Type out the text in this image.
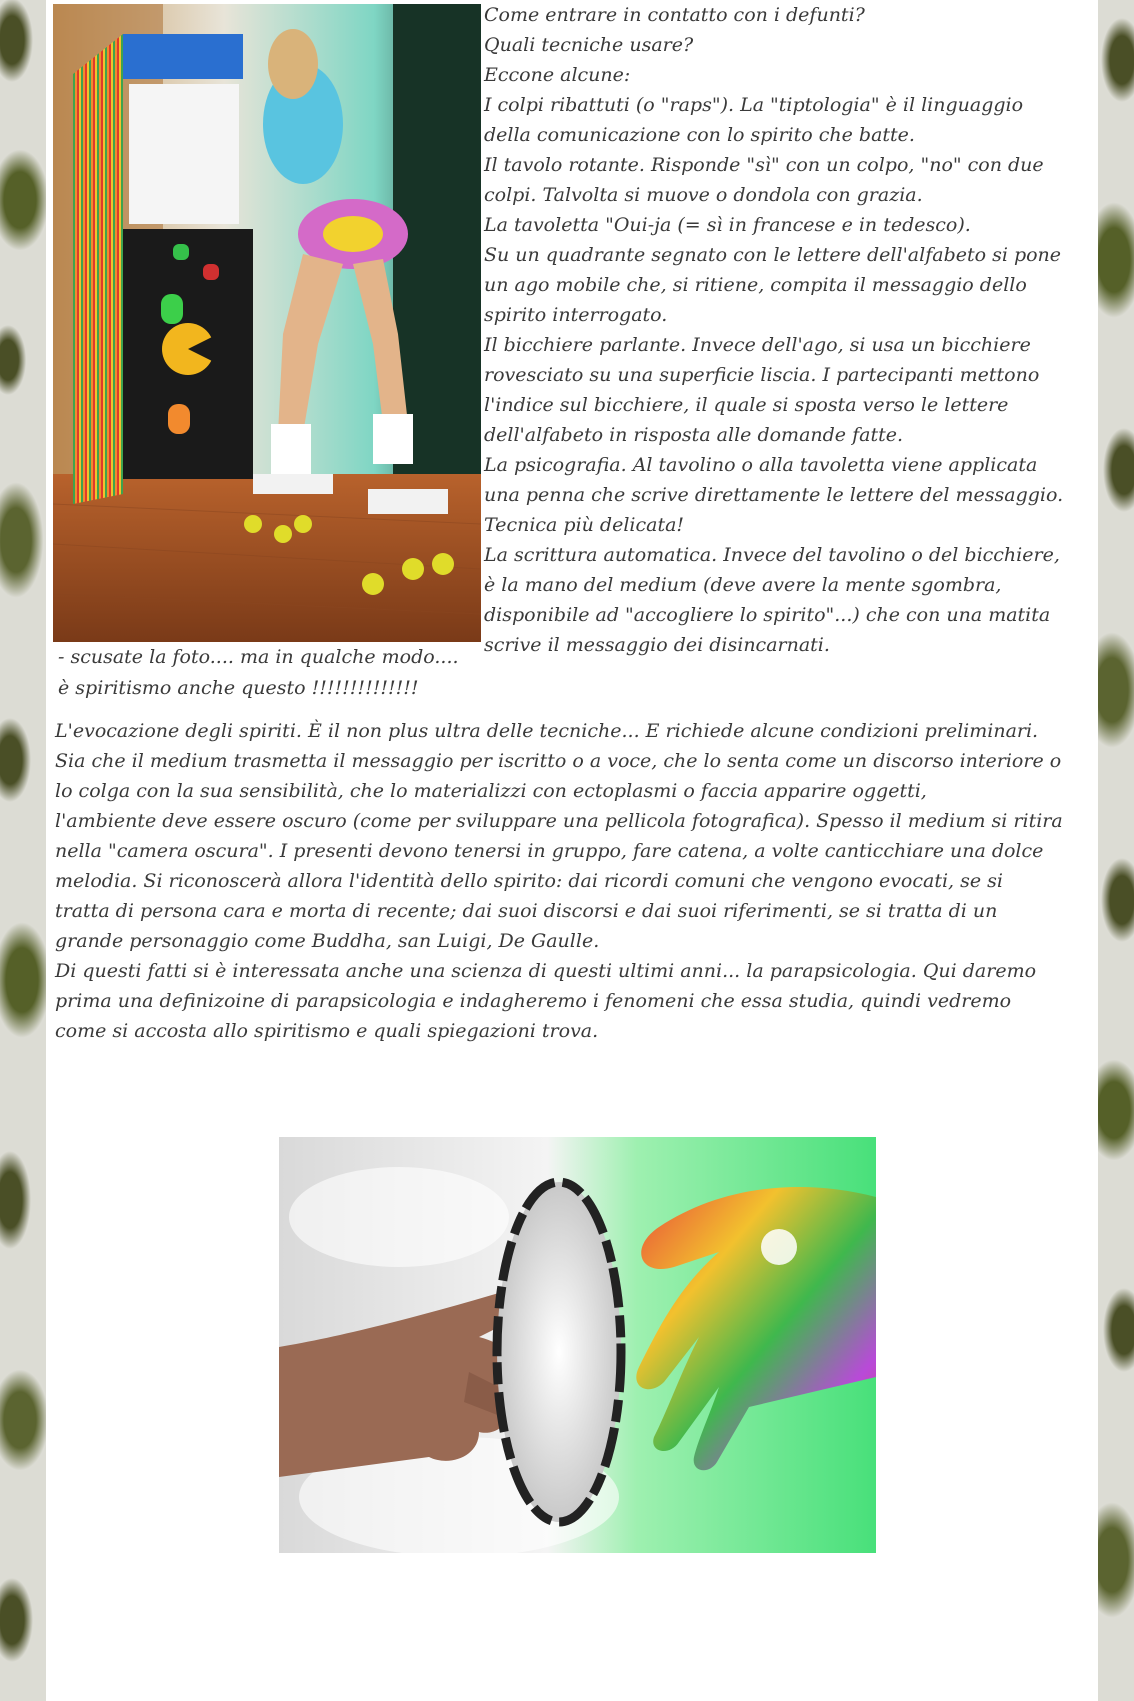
Come entrare in contatto con i defunti?

Quali tecniche usare?

Eccone alcune:

I colpi ribattuti (o "raps"). La "tiptologia" è il linguaggio

della comunicazione con lo spirito che batte.

Il tavolo rotante. Risponde "sì" con un colpo, "no" con due

colpi. Talvolta si muove o dondola con grazia.

La tavoletta "Oui-ja (= sì in francese e in tedesco).

Su un quadrante segnato con le lettere dell'alfabeto si pone

un ago mobile che, si ritiene, compita il messaggio dello

spirito interrogato.

Il bicchiere parlante. Invece dell'ago, si usa un bicchiere

rovesciato su una superficie liscia. I partecipanti mettono

l'indice sul bicchiere, il quale si sposta verso le lettere

dell'alfabeto in risposta alle domande fatte.

La psicografia. Al tavolino o alla tavoletta viene applicata

una penna che scrive direttamente le lettere del messaggio.

Tecnica più delicata!

La scrittura automatica. Invece del tavolino o del bicchiere,

è la mano del medium (deve avere la mente sgombra,

disponibile ad "accogliere lo spirito"...) che con una matita

scrive il messaggio dei disincarnati.

- scusate la foto.... ma in qualche modo....

è spiritismo anche questo !!!!!!!!!!!!!!

L'evocazione degli spiriti. È il non plus ultra delle tecniche... E richiede alcune condizioni preliminari.

Sia che il medium trasmetta il messaggio per iscritto o a voce, che lo senta come un discorso interiore o

lo colga con la sua sensibilità, che lo materializzi con ectoplasmi o faccia apparire oggetti,

l'ambiente deve essere oscuro (come per sviluppare una pellicola fotografica). Spesso il medium si ritira

nella "camera oscura". I presenti devono tenersi in gruppo, fare catena, a volte canticchiare una dolce

melodia. Si riconoscerà allora l'identità dello spirito: dai ricordi comuni che vengono evocati, se si

tratta di persona cara e morta di recente; dai suoi discorsi e dai suoi riferimenti, se si tratta di un

grande personaggio come Buddha, san Luigi, De Gaulle.

Di questi fatti si è interessata anche una scienza di questi ultimi anni... la parapsicologia. Qui daremo

prima una definizoine di parapsicologia e indagheremo i fenomeni che essa studia, quindi vedremo

come si accosta allo spiritismo e quali spiegazioni trova.
